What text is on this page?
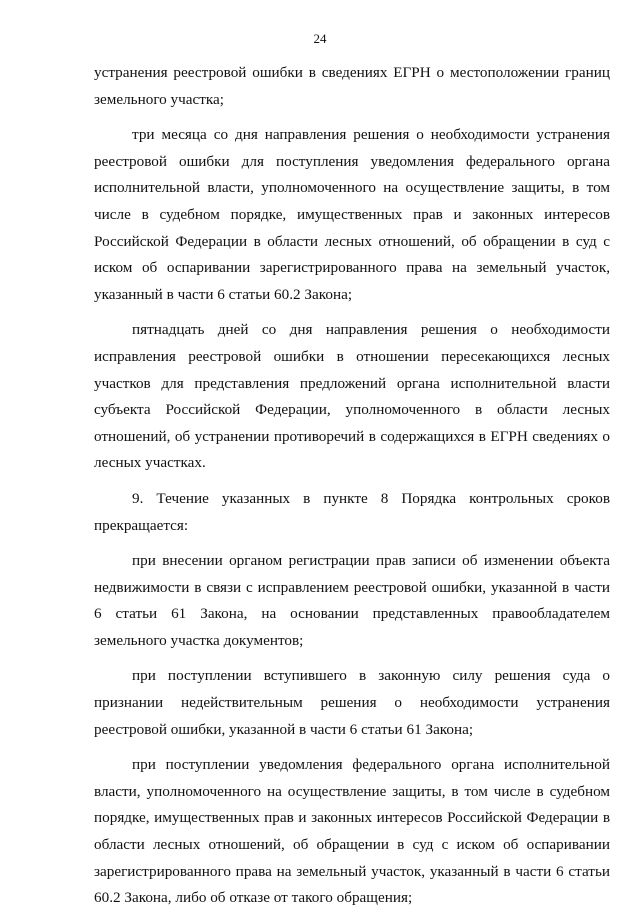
24

устранения реестровой ошибки в сведениях ЕГРН о местоположении границ земельного участка;

три месяца со дня направления решения о необходимости устранения реестровой ошибки для поступления уведомления федерального органа исполнительной власти, уполномоченного на осуществление защиты, в том числе в судебном порядке, имущественных прав и законных интересов Российской Федерации в области лесных отношений, об обращении в суд с иском об оспаривании зарегистрированного права на земельный участок, указанный в части 6 статьи 60.2 Закона;

пятнадцать дней со дня направления решения о необходимости исправления реестровой ошибки в отношении пересекающихся лесных участков для представления предложений органа исполнительной власти субъекта Российской Федерации, уполномоченного в области лесных отношений, об устранении противоречий в содержащихся в ЕГРН сведениях о лесных участках.

9. Течение указанных в пункте 8 Порядка контрольных сроков прекращается:

при внесении органом регистрации прав записи об изменении объекта недвижимости в связи с исправлением реестровой ошибки, указанной в части 6 статьи 61 Закона, на основании представленных правообладателем земельного участка документов;

при поступлении вступившего в законную силу решения суда о признании недействительным решения о необходимости устранения реестровой ошибки, указанной в части 6 статьи 61 Закона;

при поступлении уведомления федерального органа исполнительной власти, уполномоченного на осуществление защиты, в том числе в судебном порядке, имущественных прав и законных интересов Российской Федерации в области лесных отношений, об обращении в суд с иском об оспаривании зарегистрированного права на земельный участок, указанный в части 6 статьи 60.2 Закона, либо об отказе от такого обращения;
